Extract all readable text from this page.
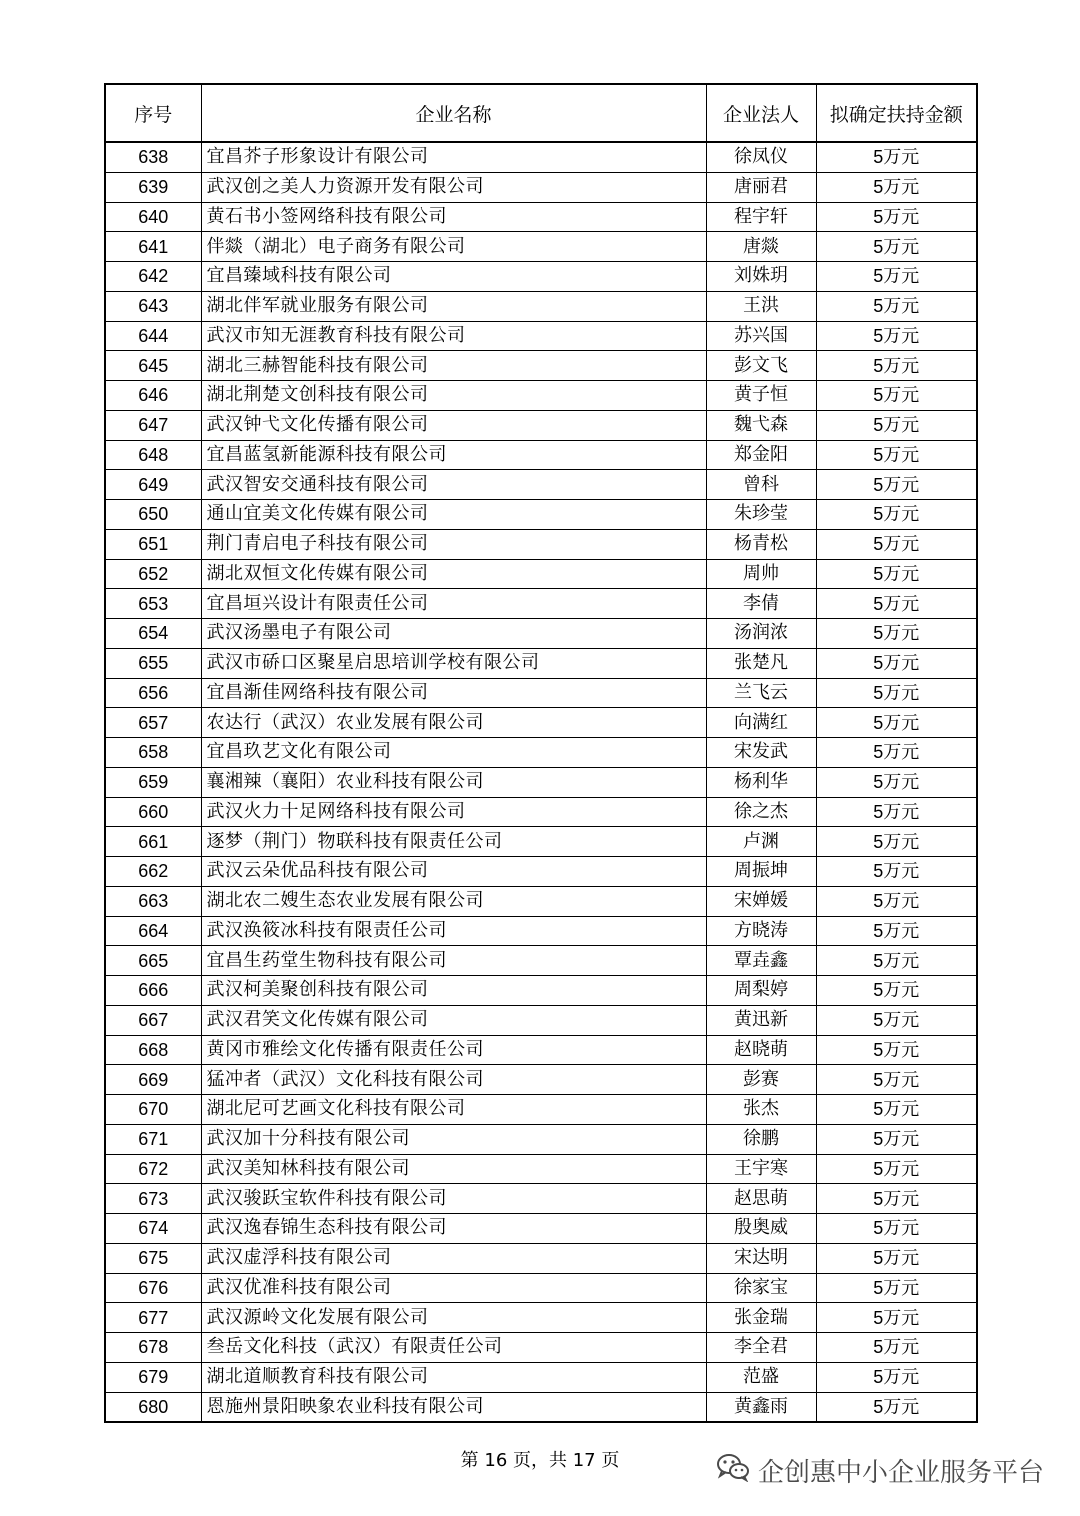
序号	企业名称	企业法人	拟确定扶持金额
638	宜昌芥子形象设计有限公司	徐凤仪	5万元
639	武汉创之美人力资源开发有限公司	唐丽君	5万元
640	黄石书小签网络科技有限公司	程宇轩	5万元
641	伴燚（湖北）电子商务有限公司	唐燚	5万元
642	宜昌臻域科技有限公司	刘姝玥	5万元
643	湖北伴军就业服务有限公司	王洪	5万元
644	武汉市知无涯教育科技有限公司	苏兴国	5万元
645	湖北三赫智能科技有限公司	彭文飞	5万元
646	湖北荆楚文创科技有限公司	黄子恒	5万元
647	武汉钟弋文化传播有限公司	魏弋森	5万元
648	宜昌蓝氢新能源科技有限公司	郑金阳	5万元
649	武汉智安交通科技有限公司	曾科	5万元
650	通山宜美文化传媒有限公司	朱珍莹	5万元
651	荆门青启电子科技有限公司	杨青松	5万元
652	湖北双恒文化传媒有限公司	周帅	5万元
653	宜昌垣兴设计有限责任公司	李倩	5万元
654	武汉汤墨电子有限公司	汤润浓	5万元
655	武汉市硚口区聚星启思培训学校有限公司	张楚凡	5万元
656	宜昌渐佳网络科技有限公司	兰飞云	5万元
657	农达行（武汉）农业发展有限公司	向满红	5万元
658	宜昌玖艺文化有限公司	宋发武	5万元
659	襄湘辣（襄阳）农业科技有限公司	杨利华	5万元
660	武汉火力十足网络科技有限公司	徐之杰	5万元
661	逐梦（荆门）物联科技有限责任公司	卢渊	5万元
662	武汉云朵优品科技有限公司	周振坤	5万元
663	湖北农二嫂生态农业发展有限公司	宋婵媛	5万元
664	武汉涣筱冰科技有限责任公司	方晓涛	5万元
665	宜昌生药堂生物科技有限公司	覃垚鑫	5万元
666	武汉柯美聚创科技有限公司	周梨婷	5万元
667	武汉君笑文化传媒有限公司	黄迅新	5万元
668	黄冈市雅绘文化传播有限责任公司	赵晓萌	5万元
669	猛冲者（武汉）文化科技有限公司	彭赛	5万元
670	湖北尼可艺画文化科技有限公司	张杰	5万元
671	武汉加十分科技有限公司	徐鹏	5万元
672	武汉美知林科技有限公司	王宇寒	5万元
673	武汉骏跃宝软件科技有限公司	赵思萌	5万元
674	武汉逸春锦生态科技有限公司	殷奥威	5万元
675	武汉虚浮科技有限公司	宋达明	5万元
676	武汉优准科技有限公司	徐家宝	5万元
677	武汉源岭文化发展有限公司	张金瑞	5万元
678	叁岳文化科技（武汉）有限责任公司	李全君	5万元
679	湖北道顺教育科技有限公司	范盛	5万元
680	恩施州景阳映象农业科技有限公司	黄鑫雨	5万元
第 16 页，共 17 页	企创惠中小企业服务平台
